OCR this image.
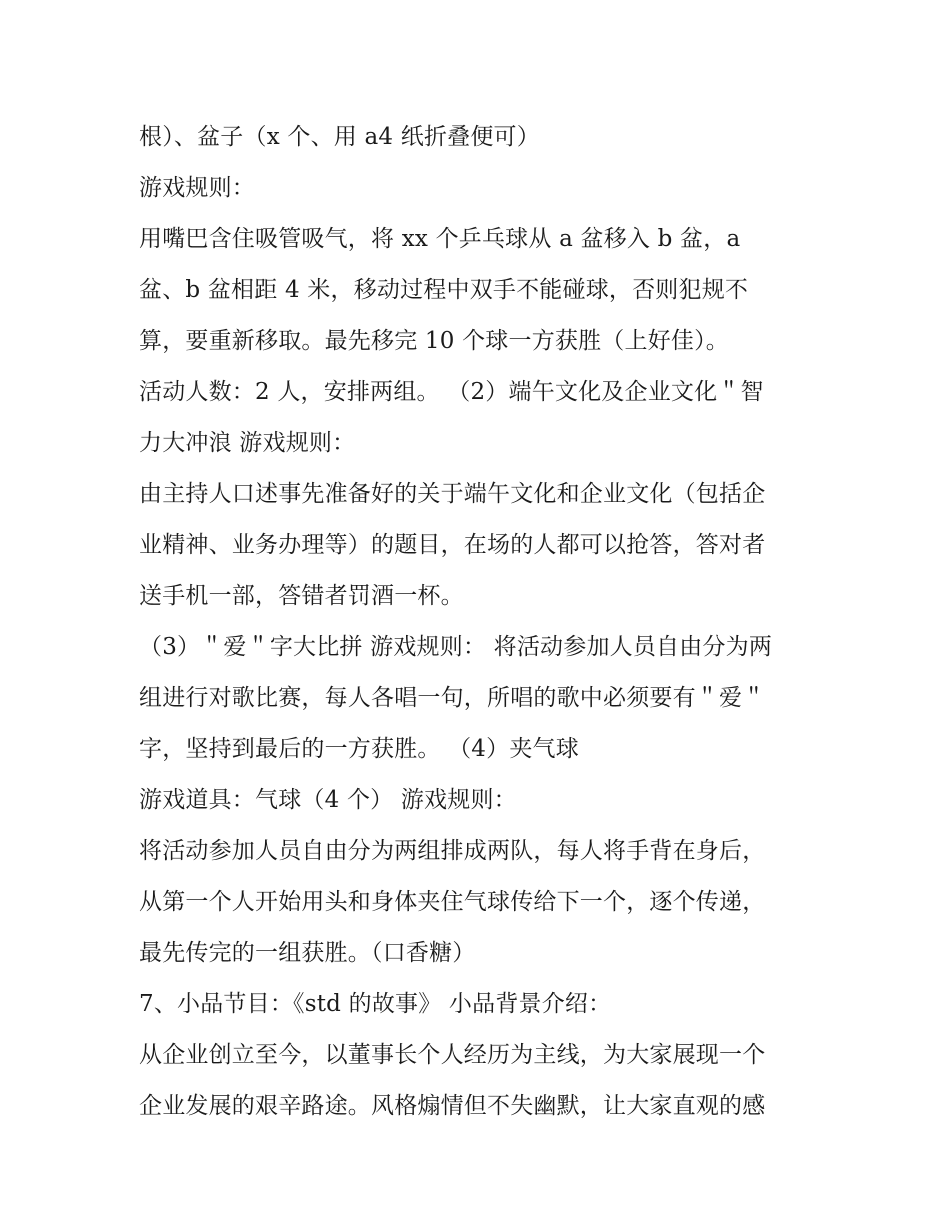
根）、盆子（x 个、用 a4 纸折叠便可）
游戏规则：
用嘴巴含住吸管吸气，将 xx 个乒乓球从 a 盆移入 b 盆，a
盆、b 盆相距 4 米，移动过程中双手不能碰球，否则犯规不
算，要重新移取。最先移完 10 个球一方获胜（上好佳）。
活动人数：2 人，安排两组。 （2）端午文化及企业文化＂智
力大冲浪 游戏规则：
由主持人口述事先准备好的关于端午文化和企业文化（包括企
业精神、业务办理等）的题目，在场的人都可以抢答，答对者
送手机一部，答错者罚酒一杯。
（3）＂爱＂字大比拼 游戏规则： 将活动参加人员自由分为两
组进行对歌比赛，每人各唱一句，所唱的歌中必须要有＂爱＂
字，坚持到最后的一方获胜。 （4）夹气球
游戏道具：气球（4 个） 游戏规则：
将活动参加人员自由分为两组排成两队，每人将手背在身后，
从第一个人开始用头和身体夹住气球传给下一个，逐个传递，
最先传完的一组获胜。（口香糖）
7、小品节目：《std 的故事》 小品背景介绍：
从企业创立至今，以董事长个人经历为主线，为大家展现一个
企业发展的艰辛路途。风格煽情但不失幽默，让大家直观的感
